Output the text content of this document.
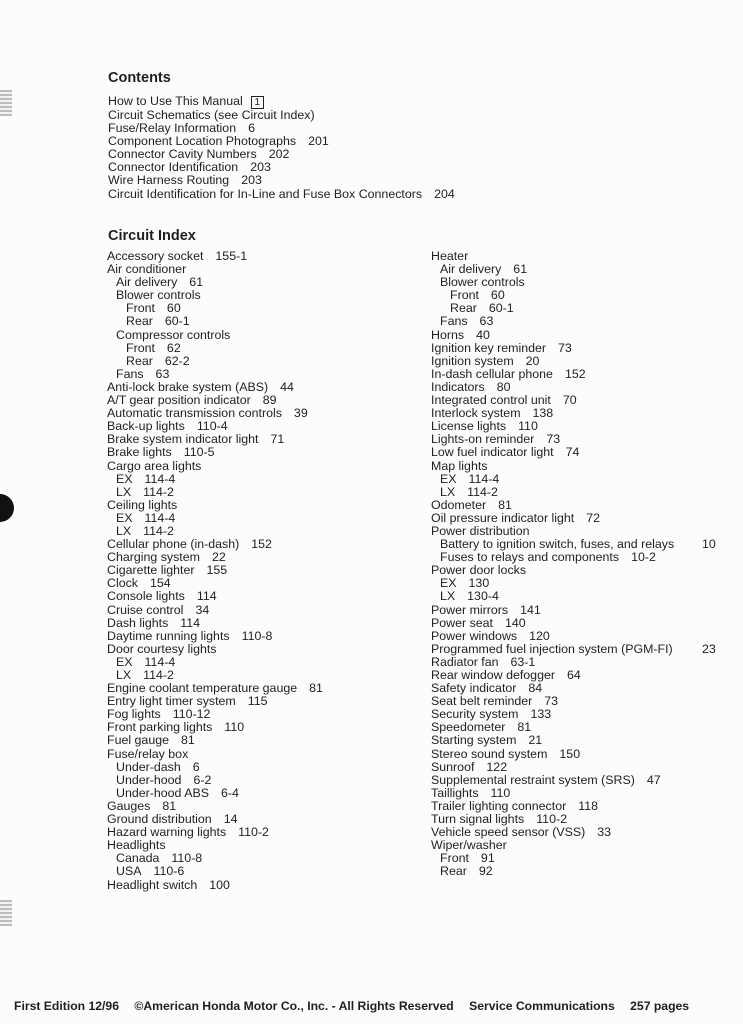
Contents
How to Use This Manual 1
Circuit Schematics (see Circuit Index)
Fuse/Relay Information 6
Component Location Photographs 201
Connector Cavity Numbers 202
Connector Identification 203
Wire Harness Routing 203
Circuit Identification for In-Line and Fuse Box Connectors 204
Circuit Index
Accessory socket 155-1
Air conditioner
Air delivery 61
Blower controls
Front 60
Rear 60-1
Compressor controls
Front 62
Rear 62-2
Fans 63
Anti-lock brake system (ABS) 44
A/T gear position indicator 89
Automatic transmission controls 39
Back-up lights 110-4
Brake system indicator light 71
Brake lights 110-5
Cargo area lights
EX 114-4
LX 114-2
Ceiling lights
EX 114-4
LX 114-2
Cellular phone (in-dash) 152
Charging system 22
Cigarette lighter 155
Clock 154
Console lights 114
Cruise control 34
Dash lights 114
Daytime running lights 110-8
Door courtesy lights
EX 114-4
LX 114-2
Engine coolant temperature gauge 81
Entry light timer system 115
Fog lights 110-12
Front parking lights 110
Fuel gauge 81
Fuse/relay box
Under-dash 6
Under-hood 6-2
Under-hood ABS 6-4
Gauges 81
Ground distribution 14
Hazard warning lights 110-2
Headlights
Canada 110-8
USA 110-6
Headlight switch 100
Heater
Air delivery 61
Blower controls
Front 60
Rear 60-1
Fans 63
Horns 40
Ignition key reminder 73
Ignition system 20
In-dash cellular phone 152
Indicators 80
Integrated control unit 70
Interlock system 138
License lights 110
Lights-on reminder 73
Low fuel indicator light 74
Map lights
EX 114-4
LX 114-2
Odometer 81
Oil pressure indicator light 72
Power distribution
Battery to ignition switch, fuses, and relays 10
Fuses to relays and components 10-2
Power door locks
EX 130
LX 130-4
Power mirrors 141
Power seat 140
Power windows 120
Programmed fuel injection system (PGM-FI) 23
Radiator fan 63-1
Rear window defogger 64
Safety indicator 84
Seat belt reminder 73
Security system 133
Speedometer 81
Starting system 21
Stereo sound system 150
Sunroof 122
Supplemental restraint system (SRS) 47
Taillights 110
Trailer lighting connector 118
Turn signal lights 110-2
Vehicle speed sensor (VSS) 33
Wiper/washer
Front 91
Rear 92
First Edition 12/96 ©American Honda Motor Co., Inc. - All Rights Reserved Service Communications 257 pages
